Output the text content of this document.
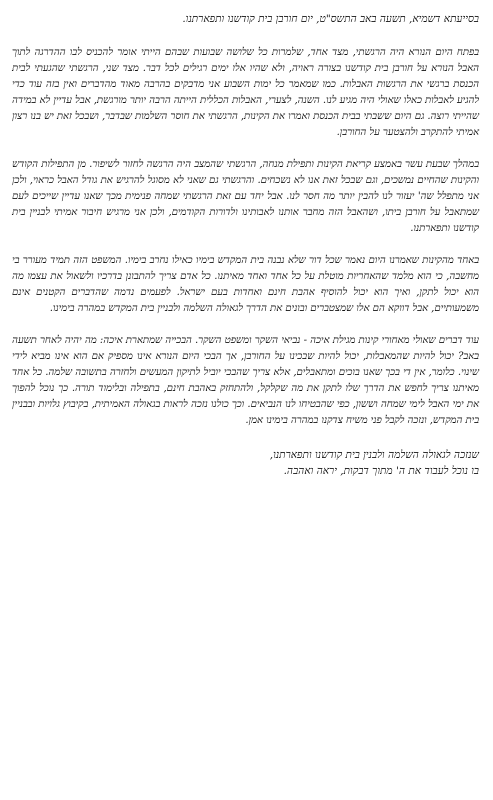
בסייעתא דשמיא, תשעה באב התשס"ט, יום חורבן בית קודשנו ותפארתנו.
בפתח היום הנורא היה הרגשתי, מצד אחד, שלמרות כל שלושה שבועות שבהם הייתי אומר להכניס לבו ההדרגה לתוך האבל הנורא על חורבן בית קודשנו בצורה ראויה, ולא שהיו אלו ימים רגילים לכל דבר. מצד שני, הרגשתי שהגעתי לבית הכנסת ברגשי את הרגשות האבלות. כמו שמאמר כל ימות השבוע אני מדבקים בהרבה מאוד מהדברים ואין בזה עוד כדי להגיע לאבלות כאלו שאולי היה מגיע לנו. השנה, לצערי, האבלות הכללית הייתה הרבה יותר מורגשת, אבל עדיין לא במידה שהייתי רוצה. גם היום ששבתי בבית הכנסת ואמרו את הקינות, הרגשתי את חוסר השלמות שבדבר, ושבכל זאת יש בנו רצון אמיתי להתקרב ולהצטער על החורבן.
במהלך שבעת עשר באמצע קריאת הקינות ותפילת מנחה, הרגשתי שהמצב היה הרגשה לחזור לשיפור. מן התפילות הקודש והקינות שהחיים נמשכים, וגם שבכל זאת אנו לא נשכחים. והרגשתי גם שאני לא מסוגל להרגיש את גודל האבל כראוי, ולכן אני מתפלל שה' יעזור לנו להבין יותר מה חסר לנו. אבל יחד עם זאת הרגשתי שמחה פנימית מכך שאנו עדיין שייכים לעם שמתאבל על חורבן ביתו, ושהאבל הזה מחבר אותנו לאבותינו ולדורות הקודמים, ולכן אני מרגיש חיבור אמיתי לבניין בית קודשנו ותפארתנו.
באחד מהקינות שאמרנו היום נאמר שכל דור שלא נבנה בית המקדש בימיו כאילו נחרב בימיו. המשפט הזה תמיד מעורר בי מחשבה, כי הוא מלמד שהאחריות מוטלת על כל אחד ואחד מאיתנו. כל אדם צריך להתבונן בדרכיו ולשאול את עצמו מה הוא יכול לתקן, ואיך הוא יכול להוסיף אהבת חינם ואחדות בעם ישראל. לפעמים נדמה שהדברים הקטנים אינם משמעותיים, אבל דווקא הם אלו שמצטברים ובונים את הדרך לגאולה השלמה ולבניין בית המקדש במהרה בימינו.
עוד דברים שאולי מאחורי קינות מגילת איכה - נביאי השקר ומשפט השקר. הבכייה שמתארת איכה: מה יהיה לאחר תשעה באב? יכול להיות שהמאבלות, יכול להיות שבכינו על החורבן, אך הבכי היום הנורא אינו מספיק אם הוא אינו מביא לידי שינוי. כלומר, אין די בכך שאנו בוכים ומתאבלים, אלא צריך שהבכי יוביל לתיקון המעשים ולחזרה בתשובה שלמה. כל אחד מאיתנו צריך לחפש את הדרך שלו לתקן את מה שקלקל, ולהתחזק באהבת חינם, בתפילה ובלימוד תורה. כך נוכל להפוך את ימי האבל לימי שמחה וששון, כפי שהבטיחו לנו הנביאים. וכך כולנו נזכה לראות בגאולה האמיתית, בקיבוץ גלויות ובבניין בית המקדש, ונזכה לקבל פני משיח צדקנו במהרה בימינו אמן.
שנזכה לגאולה השלמה ולבנין בית קודשנו ותפארתנו,
בו נוכל לעבוד את ה' מתוך דבקות, יראה ואהבה.
